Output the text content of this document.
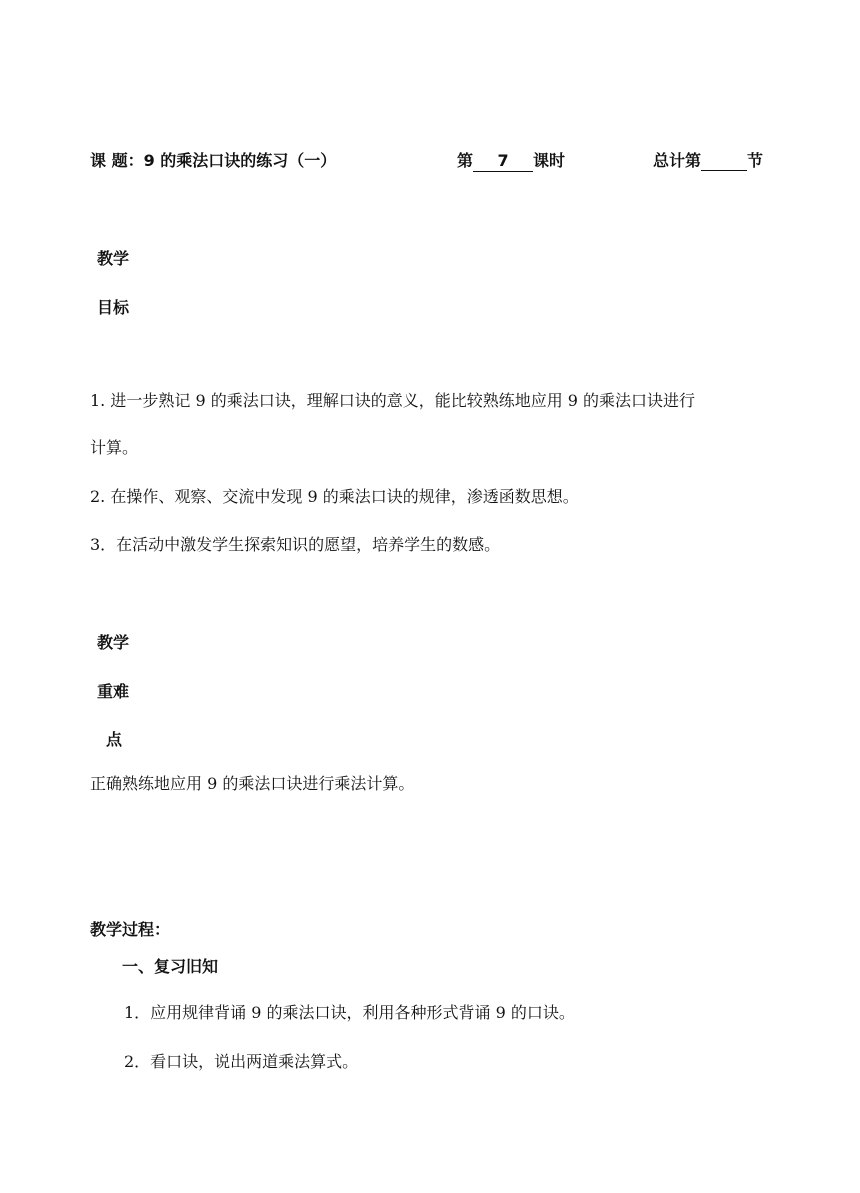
课 题：9 的乘法口诀的练习（一）	第 7 课时	总计第	节
教学
目标
1. 进一步熟记 9 的乘法口诀，理解口诀的意义，能比较熟练地应用 9 的乘法口诀进行
计算。
2. 在操作、观察、交流中发现 9 的乘法口诀的规律，渗透函数思想。
3．在活动中激发学生探索知识的愿望，培养学生的数感。
教学
重难
点
正确熟练地应用 9 的乘法口诀进行乘法计算。
教学过程：
一、复习旧知
1．应用规律背诵 9 的乘法口诀，利用各种形式背诵 9 的口诀。
2．看口诀，说出两道乘法算式。
